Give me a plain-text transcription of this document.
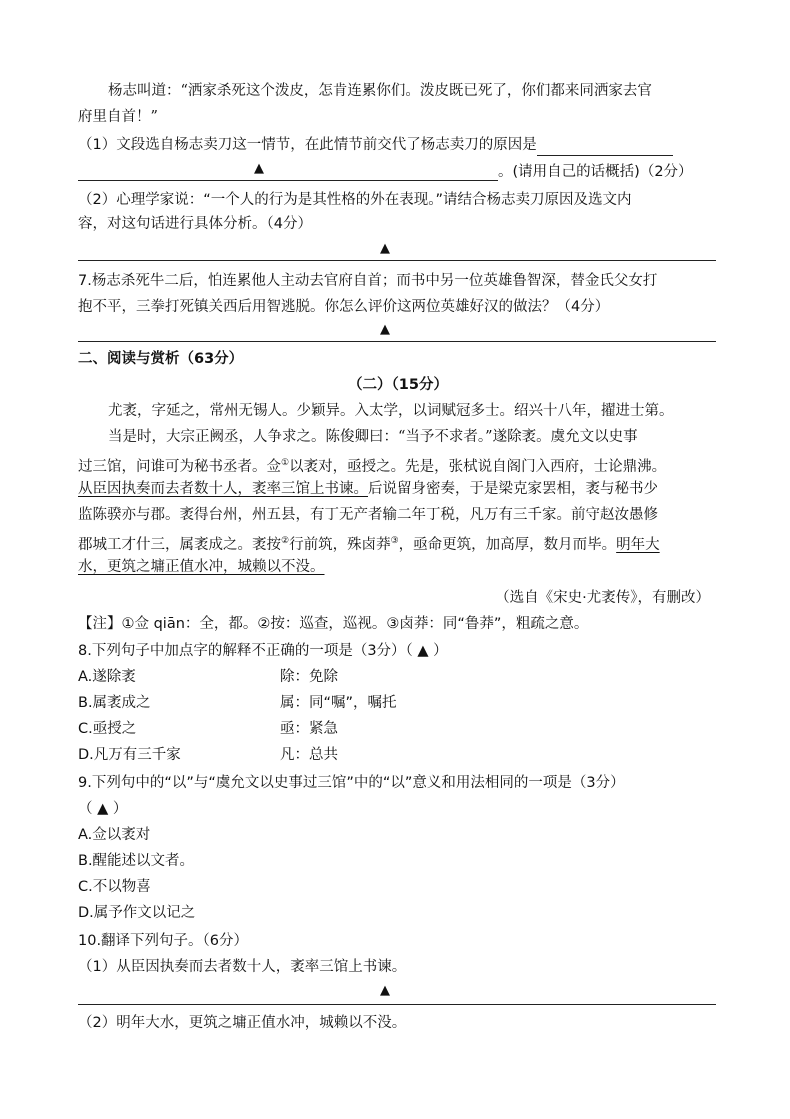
杨志叫道：“洒家杀死这个泼皮，怎肯连累你们。泼皮既已死了，你们都来同洒家去官
府里自首！”
（1）文段选自杨志卖刀这一情节，在此情节前交代了杨志卖刀的原因是
▲	。(请用自己的话概括)（2分）
（2）心理学家说：“一个人的行为是其性格的外在表现。”请结合杨志卖刀原因及选文内
容，对这句话进行具体分析。（4分）
▲
7.杨志杀死牛二后，怕连累他人主动去官府自首；而书中另一位英雄鲁智深，替金氏父女打
抱不平，三拳打死镇关西后用智逃脱。你怎么评价这两位英雄好汉的做法？（4分）
▲
二、阅读与赏析（63分）
（二）（15分）
尤袤，字延之，常州无锡人。少颖异。入太学，以词赋冠多士。绍兴十八年，擢进士第。
当是时，大宗正阙丞，人争求之。陈俊卿曰：“当予不求者。”遂除袤。虞允文以史事
过三馆，问谁可为秘书丞者。佥①以袤对，亟授之。先是，张栻说自阁门入西府，士论鼎沸。
从臣因执奏而去者数十人，袤率三馆上书谏。后说留身密奏，于是梁克家罢相，袤与秘书少
监陈骙亦与郡。袤得台州，州五县，有丁无产者输二年丁税，凡万有三千家。前守赵汝愚修
郡城工才什三，属袤成之。袤按②行前筑，殊卤莽③，亟命更筑，加高厚，数月而毕。明年大
水，更筑之墉正值水冲，城赖以不没。
（选自《宋史·尤袤传》，有删改）
【注】①佥 qiān：全，都。②按：巡查，巡视。③卤莽：同“鲁莽”，粗疏之意。
8.下列句子中加点字的解释不正确的一项是（3分）（ ▲ ）
A.遂除袤	除：免除
B.属袤成之	属：同“嘱”，嘱托
C.亟授之	亟：紧急
D.凡万有三千家	凡：总共
9.下列句中的“以”与“虞允文以史事过三馆”中的“以”意义和用法相同的一项是（3分）
（ ▲ ）
A.佥以袤对
B.醒能述以文者。
C.不以物喜
D.属予作文以记之
10.翻译下列句子。（6分）
（1）从臣因执奏而去者数十人，袤率三馆上书谏。
▲
（2）明年大水，更筑之墉正值水冲，城赖以不没。
